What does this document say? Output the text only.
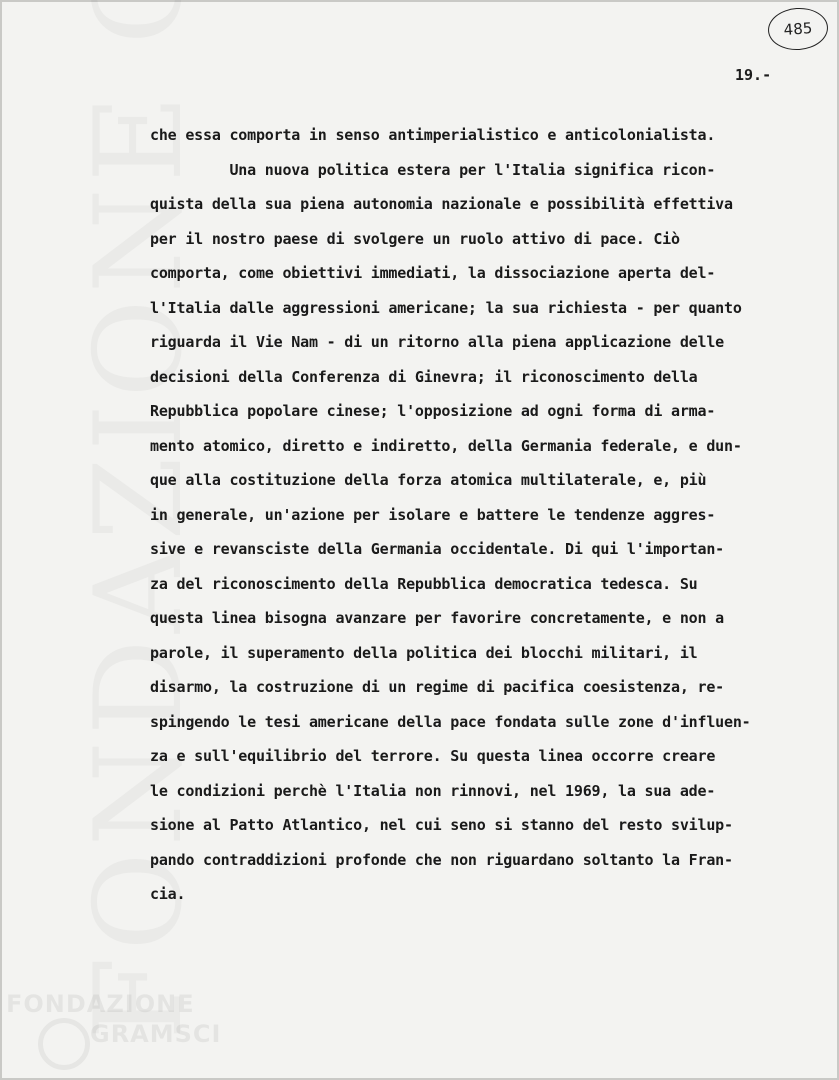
485
19.-
che essa comporta in senso antimperialistico e anticolonialista.
Una nuova politica estera per l'Italia significa ricon-
quista della sua piena autonomia nazionale e possibilità effettiva
per il nostro paese di svolgere un ruolo attivo di pace. Ciò
comporta, come obiettivi immediati, la dissociazione aperta del-
l'Italia dalle aggressioni americane; la sua richiesta - per quanto
riguarda il Vie Nam - di un ritorno alla piena applicazione delle
decisioni della Conferenza di Ginevra; il riconoscimento della
Repubblica popolare cinese; l'opposizione ad ogni forma di arma-
mento atomico, diretto e indiretto, della Germania federale, e dun-
que alla costituzione della forza atomica multilaterale, e, più
in generale, un'azione per isolare e battere le tendenze aggres-
sive e revansciste della Germania occidentale. Di qui l'importan-
za del riconoscimento della Repubblica democratica tedesca. Su
questa linea bisogna avanzare per favorire concretamente, e non a
parole, il superamento della politica dei blocchi militari, il
disarmo, la costruzione di un regime di pacifica coesistenza, re-
spingendo le tesi americane della pace fondata sulle zone d'influen-
za e sull'equilibrio del terrore. Su questa linea occorre creare
le condizioni perchè l'Italia non rinnovi, nel 1969, la sua ade-
sione al Patto Atlantico, nel cui seno si stanno del resto svilup-
pando contraddizioni profonde che non riguardano soltanto la Fran-
cia.
FONDAZIONE
GRAMSCI
